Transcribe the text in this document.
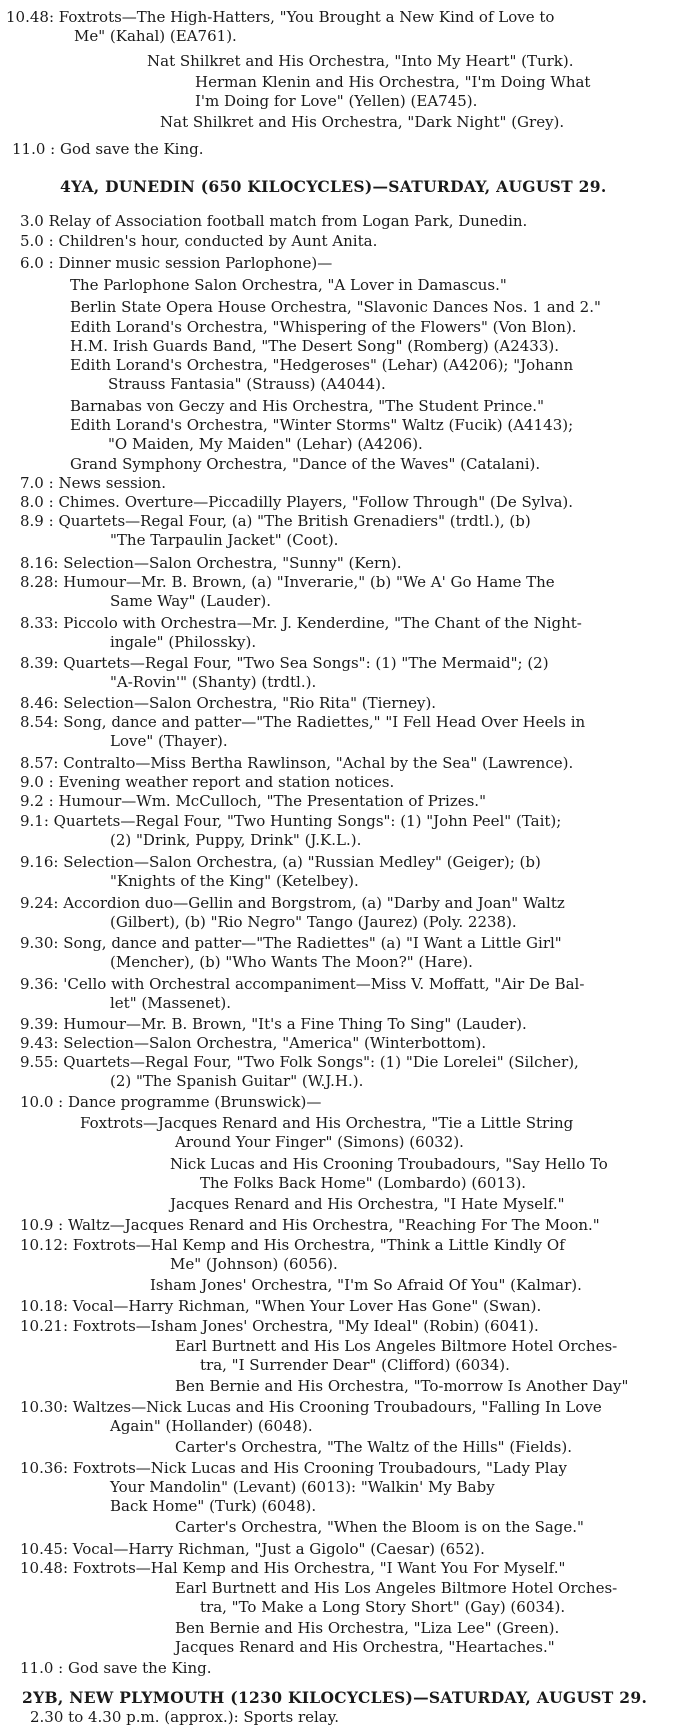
10.48: Foxtrots—The High-Hatters, "You Brought a New Kind of Love to
Me" (Kahal) (EA761).
Nat Shilkret and His Orchestra, "Into My Heart" (Turk).
Herman Klenin and His Orchestra, "I'm Doing What
I'm Doing for Love" (Yellen) (EA745).
Nat Shilkret and His Orchestra, "Dark Night" (Grey).
11.0 : God save the King.
4YA, DUNEDIN (650 KILOCYCLES)—SATURDAY, AUGUST 29.
3.0 Relay of Association football match from Logan Park, Dunedin.
5.0 : Children's hour, conducted by Aunt Anita.
6.0 : Dinner music session Parlophone)—
The Parlophone Salon Orchestra, "A Lover in Damascus."
Berlin State Opera House Orchestra, "Slavonic Dances Nos. 1 and 2."
Edith Lorand's Orchestra, "Whispering of the Flowers" (Von Blon).
H.M. Irish Guards Band, "The Desert Song" (Romberg) (A2433).
Edith Lorand's Orchestra, "Hedgeroses" (Lehar) (A4206); "Johann
Strauss Fantasia" (Strauss) (A4044).
Barnabas von Geczy and His Orchestra, "The Student Prince."
Edith Lorand's Orchestra, "Winter Storms" Waltz (Fucik) (A4143);
"O Maiden, My Maiden" (Lehar) (A4206).
Grand Symphony Orchestra, "Dance of the Waves" (Catalani).
7.0 : News session.
8.0 : Chimes. Overture—Piccadilly Players, "Follow Through" (De Sylva).
8.9 : Quartets—Regal Four, (a) "The British Grenadiers" (trdtl.), (b)
"The Tarpaulin Jacket" (Coot).
8.16: Selection—Salon Orchestra, "Sunny" (Kern).
8.28: Humour—Mr. B. Brown, (a) "Inverarie," (b) "We A' Go Hame The
Same Way" (Lauder).
8.33: Piccolo with Orchestra—Mr. J. Kenderdine, "The Chant of the Night-
ingale" (Philossky).
8.39: Quartets—Regal Four, "Two Sea Songs": (1) "The Mermaid"; (2)
"A-Rovin'" (Shanty) (trdtl.).
8.46: Selection—Salon Orchestra, "Rio Rita" (Tierney).
8.54: Song, dance and patter—"The Radiettes," "I Fell Head Over Heels in
Love" (Thayer).
8.57: Contralto—Miss Bertha Rawlinson, "Achal by the Sea" (Lawrence).
9.0 : Evening weather report and station notices.
9.2 : Humour—Wm. McCulloch, "The Presentation of Prizes."
9.1: Quartets—Regal Four, "Two Hunting Songs": (1) "John Peel" (Tait);
(2) "Drink, Puppy, Drink" (J.K.L.).
9.16: Selection—Salon Orchestra, (a) "Russian Medley" (Geiger); (b)
"Knights of the King" (Ketelbey).
9.24: Accordion duo—Gellin and Borgstrom, (a) "Darby and Joan" Waltz
(Gilbert), (b) "Rio Negro" Tango (Jaurez) (Poly. 2238).
9.30: Song, dance and patter—"The Radiettes" (a) "I Want a Little Girl"
(Mencher), (b) "Who Wants The Moon?" (Hare).
9.36: 'Cello with Orchestral accompaniment—Miss V. Moffatt, "Air De Bal-
let" (Massenet).
9.39: Humour—Mr. B. Brown, "It's a Fine Thing To Sing" (Lauder).
9.43: Selection—Salon Orchestra, "America" (Winterbottom).
9.55: Quartets—Regal Four, "Two Folk Songs": (1) "Die Lorelei" (Silcher),
(2) "The Spanish Guitar" (W.J.H.).
10.0 : Dance programme (Brunswick)—
Foxtrots—Jacques Renard and His Orchestra, "Tie a Little String
Around Your Finger" (Simons) (6032).
Nick Lucas and His Crooning Troubadours, "Say Hello To
The Folks Back Home" (Lombardo) (6013).
Jacques Renard and His Orchestra, "I Hate Myself."
10.9 : Waltz—Jacques Renard and His Orchestra, "Reaching For The Moon."
10.12: Foxtrots—Hal Kemp and His Orchestra, "Think a Little Kindly Of
Me" (Johnson) (6056).
Isham Jones' Orchestra, "I'm So Afraid Of You" (Kalmar).
10.18: Vocal—Harry Richman, "When Your Lover Has Gone" (Swan).
10.21: Foxtrots—Isham Jones' Orchestra, "My Ideal" (Robin) (6041).
Earl Burtnett and His Los Angeles Biltmore Hotel Orches-
tra, "I Surrender Dear" (Clifford) (6034).
Ben Bernie and His Orchestra, "To-morrow Is Another Day"
10.30: Waltzes—Nick Lucas and His Crooning Troubadours, "Falling In Love
Again" (Hollander) (6048).
Carter's Orchestra, "The Waltz of the Hills" (Fields).
10.36: Foxtrots—Nick Lucas and His Crooning Troubadours, "Lady Play
Your Mandolin" (Levant) (6013): "Walkin' My Baby
Back Home" (Turk) (6048).
Carter's Orchestra, "When the Bloom is on the Sage."
10.45: Vocal—Harry Richman, "Just a Gigolo" (Caesar) (652).
10.48: Foxtrots—Hal Kemp and His Orchestra, "I Want You For Myself."
Earl Burtnett and His Los Angeles Biltmore Hotel Orches-
tra, "To Make a Long Story Short" (Gay) (6034).
Ben Bernie and His Orchestra, "Liza Lee" (Green).
Jacques Renard and His Orchestra, "Heartaches."
11.0 : God save the King.
2YB, NEW PLYMOUTH (1230 KILOCYCLES)—SATURDAY, AUGUST 29.
2.30 to 4.30 p.m. (approx.): Sports relay.
